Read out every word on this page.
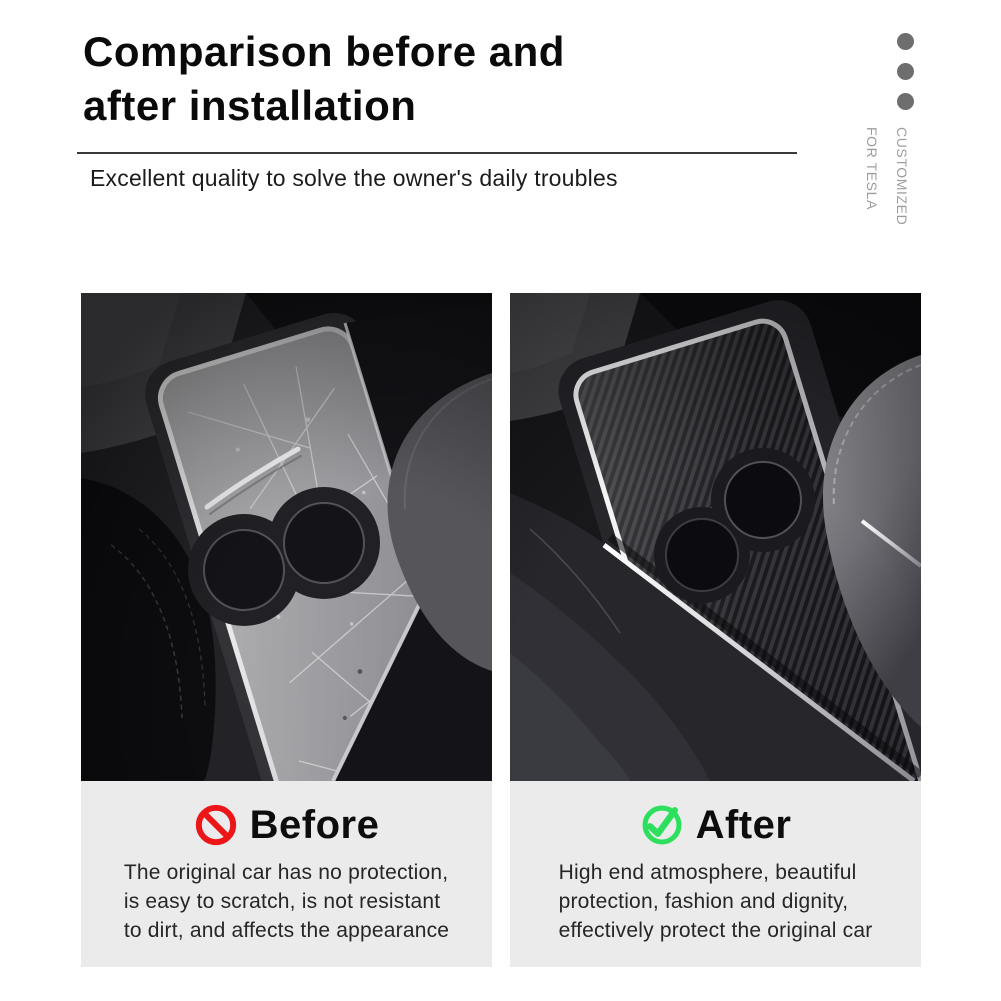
Comparison before and
after installation

Excellent quality to solve the owner's daily troubles	CUSTOMIZED
FOR TESLA
Before

The original car has no protection,
is easy to scratch, is not resistant
to dirt, and affects the appearance

After

High end atmosphere, beautiful
protection, fashion and dignity,
effectively protect the original car
